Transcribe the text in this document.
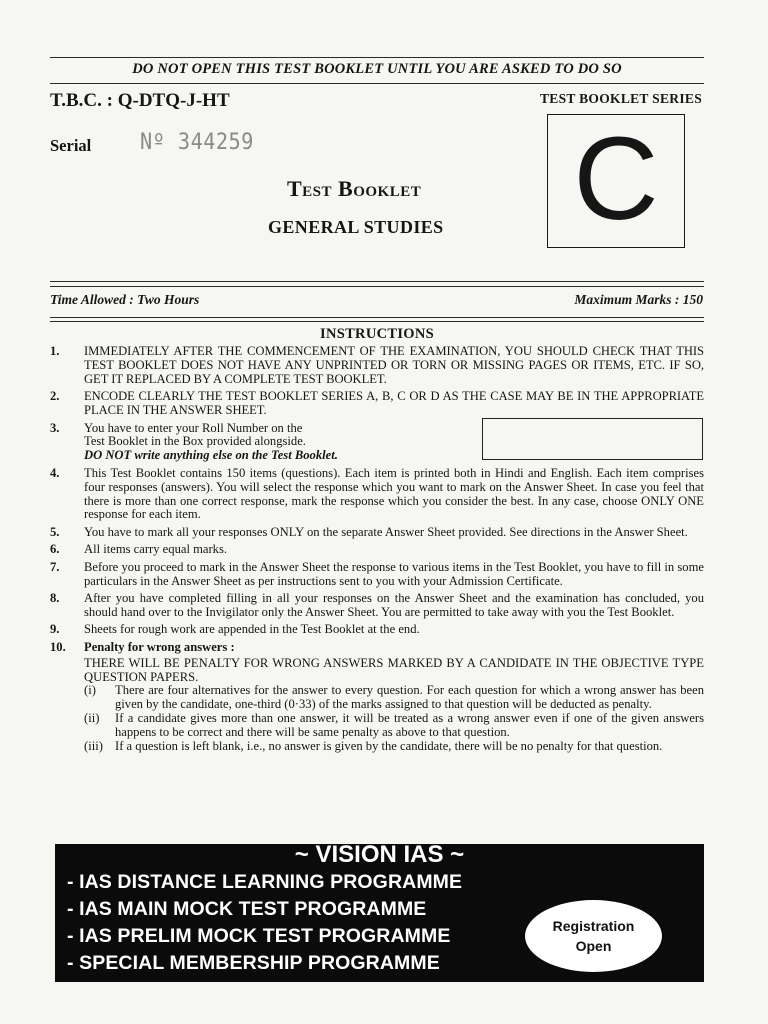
DO NOT OPEN THIS TEST BOOKLET UNTIL YOU ARE ASKED TO DO SO
T.B.C. : Q-DTQ-J-HT	TEST BOOKLET SERIES
Serial Nº 344259	C
Test Booklet
GENERAL STUDIES
Time Allowed : Two Hours	Maximum Marks : 150
INSTRUCTIONS
1. IMMEDIATELY AFTER THE COMMENCEMENT OF THE EXAMINATION, YOU SHOULD CHECK THAT THIS TEST BOOKLET DOES NOT HAVE ANY UNPRINTED OR TORN OR MISSING PAGES OR ITEMS, ETC. IF SO, GET IT REPLACED BY A COMPLETE TEST BOOKLET.
2. ENCODE CLEARLY THE TEST BOOKLET SERIES A, B, C OR D AS THE CASE MAY BE IN THE APPROPRIATE PLACE IN THE ANSWER SHEET.
3. You have to enter your Roll Number on the
Test Booklet in the Box provided alongside.
DO NOT write anything else on the Test Booklet.
4. This Test Booklet contains 150 items (questions). Each item is printed both in Hindi and English. Each item comprises four responses (answers). You will select the response which you want to mark on the Answer Sheet. In case you feel that there is more than one correct response, mark the response which you consider the best. In any case, choose ONLY ONE response for each item.
5. You have to mark all your responses ONLY on the separate Answer Sheet provided. See directions in the Answer Sheet.
6. All items carry equal marks.
7. Before you proceed to mark in the Answer Sheet the response to various items in the Test Booklet, you have to fill in some particulars in the Answer Sheet as per instructions sent to you with your Admission Certificate.
8. After you have completed filling in all your responses on the Answer Sheet and the examination has concluded, you should hand over to the Invigilator only the Answer Sheet. You are permitted to take away with you the Test Booklet.
9. Sheets for rough work are appended in the Test Booklet at the end.
10. Penalty for wrong answers :
THERE WILL BE PENALTY FOR WRONG ANSWERS MARKED BY A CANDIDATE IN THE OBJECTIVE TYPE QUESTION PAPERS.
(i) There are four alternatives for the answer to every question. For each question for which a wrong answer has been given by the candidate, one-third (0·33) of the marks assigned to that question will be deducted as penalty.
(ii) If a candidate gives more than one answer, it will be treated as a wrong answer even if one of the given answers happens to be correct and there will be same penalty as above to that question.
(iii) If a question is left blank, i.e., no answer is given by the candidate, there will be no penalty for that question.
~ VISION IAS ~
- IAS DISTANCE LEARNING PROGRAMME
- IAS MAIN MOCK TEST PROGRAMME
- IAS PRELIM MOCK TEST PROGRAMME
- SPECIAL MEMBERSHIP PROGRAMME
Registration
Open
